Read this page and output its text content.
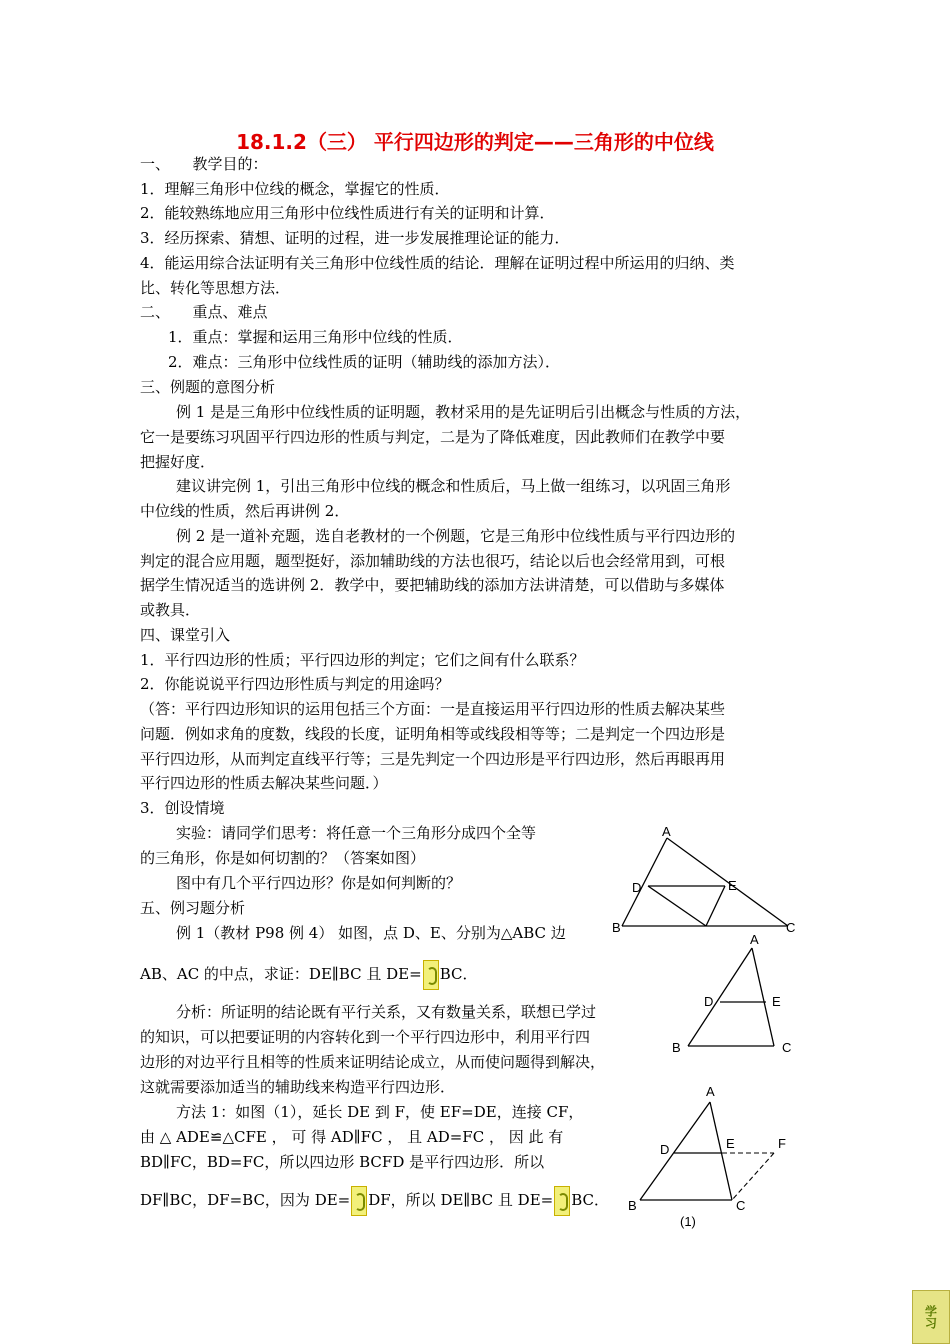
18.1.2（三） 平行四边形的判定——三角形的中位线
一、　　教学目的：
1．理解三角形中位线的概念，掌握它的性质．
2．能较熟练地应用三角形中位线性质进行有关的证明和计算．
3．经历探索、猜想、证明的过程，进一步发展推理论证的能力．
4．能运用综合法证明有关三角形中位线性质的结论．理解在证明过程中所运用的归纳、类
比、转化等思想方法．
二、　　重点、难点
1．重点：掌握和运用三角形中位线的性质．
2．难点：三角形中位线性质的证明（辅助线的添加方法）．
三、例题的意图分析
例 1 是是三角形中位线性质的证明题，教材采用的是先证明后引出概念与性质的方法，
它一是要练习巩固平行四边形的性质与判定，二是为了降低难度，因此教师们在教学中要
把握好度．
建议讲完例 1，引出三角形中位线的概念和性质后，马上做一组练习，以巩固三角形
中位线的性质，然后再讲例 2．
例 2 是一道补充题，选自老教材的一个例题，它是三角形中位线性质与平行四边形的
判定的混合应用题，题型挺好，添加辅助线的方法也很巧，结论以后也会经常用到，可根
据学生情况适当的选讲例 2．教学中，要把辅助线的添加方法讲清楚，可以借助与多媒体
或教具．
四、课堂引入
1．平行四边形的性质；平行四边形的判定；它们之间有什么联系？
2．你能说说平行四边形性质与判定的用途吗？
（答：平行四边形知识的运用包括三个方面：一是直接运用平行四边形的性质去解决某些
问题．例如求角的度数，线段的长度，证明角相等或线段相等等；二是判定一个四边形是
平行四边形，从而判定直线平行等；三是先判定一个四边形是平行四边形，然后再眼再用
平行四边形的性质去解决某些问题．）
3．创设情境
实验：请同学们思考：将任意一个三角形分成四个全等
的三角形，你是如何切割的？（答案如图）
图中有几个平行四边形？你是如何判断的？
五、例习题分析
例 1（教材 P98 例 4） 如图，点 D、E、分别为△ABC 边
AB、AC 的中点，求证：DE∥BC 且 DE= BC．
分析：所证明的结论既有平行关系，又有数量关系，联想已学过
的知识，可以把要证明的内容转化到一个平行四边形中，利用平行四
边形的对边平行且相等的性质来证明结论成立，从而使问题得到解决，
这就需要添加适当的辅助线来构造平行四边形．
方法 1：如图（1），延长 DE 到 F，使 EF=DE，连接 CF，
由 △ ADE≌△CFE ， 可 得 AD∥FC ， 且 AD=FC ， 因 此 有
BD∥FC，BD=FC，所以四边形 BCFD 是平行四边形．所以
DF∥BC，DF=BC，因为 DE= DF，所以 DE∥BC 且 DE= BC．
A
D	E
B	C
A
D	E
B	C
A
D	E	F
B	C
(1)
学习
